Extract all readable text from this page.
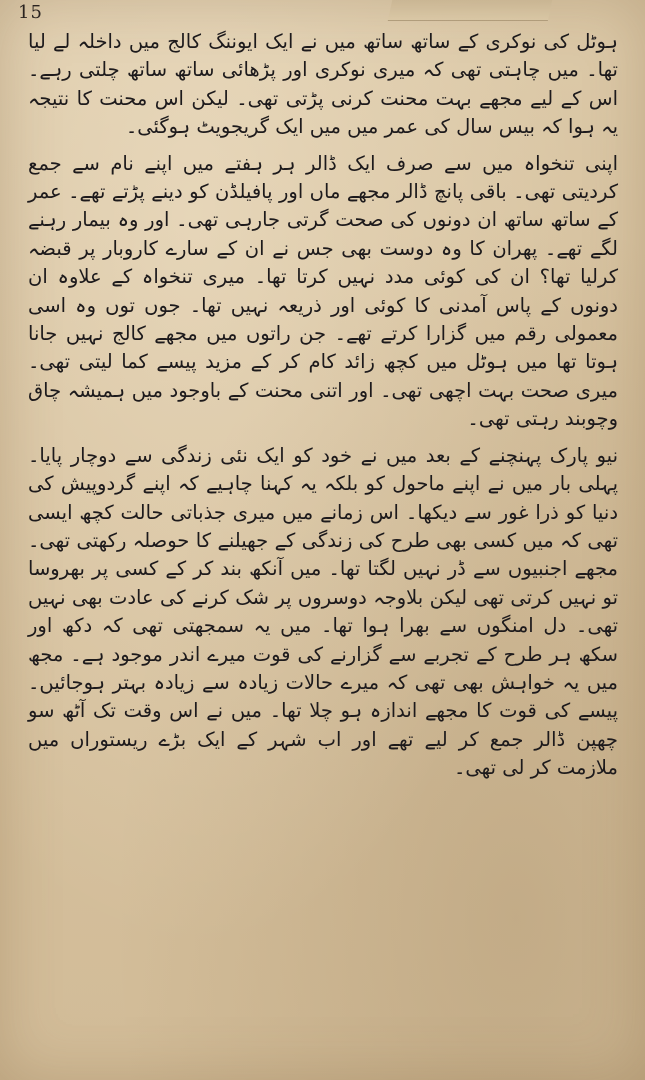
15

ہوٹل کی نوکری کے ساتھ ساتھ میں نے ایک ایوننگ کالج میں داخلہ لے لیا تھا۔ میں چاہتی تھی کہ میری نوکری اور پڑھائی ساتھ ساتھ چلتی رہے۔ اس کے لیے مجھے بہت محنت کرنی پڑتی تھی۔ لیکن اس محنت کا نتیجہ یہ ہوا کہ بیس سال کی عمر میں میں ایک گریجویٹ ہوگئی۔

اپنی تنخواہ میں سے صرف ایک ڈالر ہر ہفتے میں اپنے نام سے جمع کردیتی تھی۔ باقی پانچ ڈالر مجھے ماں اور پافیلڈن کو دینے پڑتے تھے۔ عمر کے ساتھ ساتھ ان دونوں کی صحت گرتی جارہی تھی۔ اور وہ بیمار رہنے لگے تھے۔ پھران کا وہ دوست بھی جس نے ان کے سارے کاروبار پر قبضہ کرلیا تھا؟ ان کی کوئی مدد نہیں کرتا تھا۔ میری تنخواہ کے علاوہ ان دونوں کے پاس آمدنی کا کوئی اور ذریعہ نہیں تھا۔ جوں توں وہ اسی معمولی رقم میں گزارا کرتے تھے۔ جن راتوں میں مجھے کالج نہیں جانا ہوتا تھا میں ہوٹل میں کچھ زائد کام کر کے مزید پیسے کما لیتی تھی۔ میری صحت بہت اچھی تھی۔ اور اتنی محنت کے باوجود میں ہمیشہ چاق وچوبند رہتی تھی۔

نیو پارک پہنچنے کے بعد میں نے خود کو ایک نئی زندگی سے دوچار پایا۔ پہلی بار میں نے اپنے ماحول کو بلکہ یہ کہنا چاہیے کہ اپنے گردوپیش کی دنیا کو ذرا غور سے دیکھا۔ اس زمانے میں میری جذباتی حالت کچھ ایسی تھی کہ میں کسی بھی طرح کی زندگی کے جھیلنے کا حوصلہ رکھتی تھی۔ مجھے اجنبیوں سے ڈر نہیں لگتا تھا۔ میں آنکھ بند کر کے کسی پر بھروسا تو نہیں کرتی تھی لیکن بلاوجہ دوسروں پر شک کرنے کی عادت بھی نہیں تھی۔ دل امنگوں سے بھرا ہوا تھا۔ میں یہ سمجھتی تھی کہ دکھ اور سکھ ہر طرح کے تجربے سے گزارنے کی قوت میرے اندر موجود ہے۔ مجھ میں یہ خواہش بھی تھی کہ میرے حالات زیادہ سے زیادہ بہتر ہوجائیں۔ پیسے کی قوت کا مجھے اندازہ ہو چلا تھا۔ میں نے اس وقت تک آٹھ سو چھپن ڈالر جمع کر لیے تھے اور اب شہر کے ایک بڑے ریستوراں میں ملازمت کر لی تھی۔
